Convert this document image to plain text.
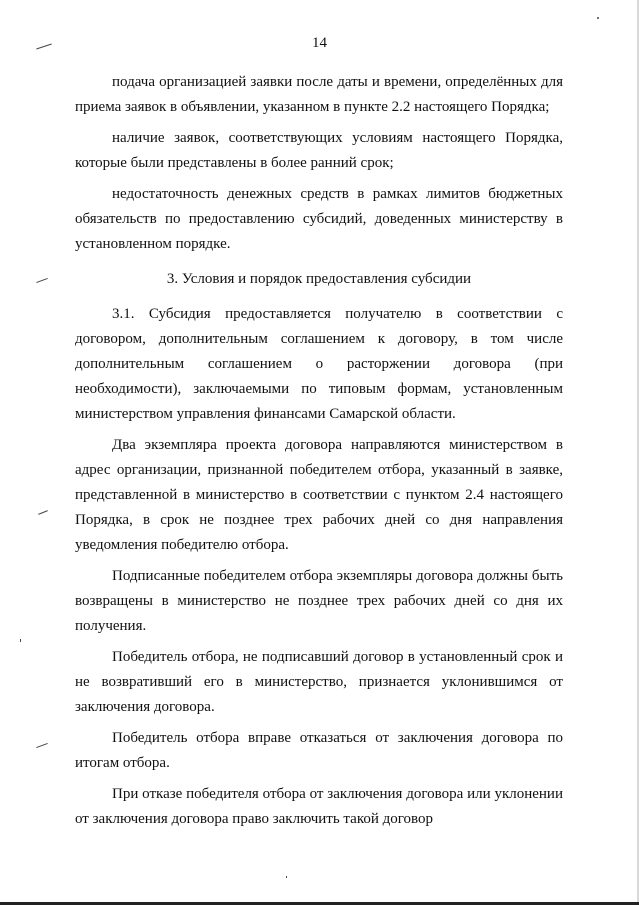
14

подача организацией заявки после даты и времени, определённых для приема заявок в объявлении, указанном в пункте 2.2 настоящего Порядка;

наличие заявок, соответствующих условиям настоящего Порядка, которые были представлены в более ранний срок;

недостаточность денежных средств в рамках лимитов бюджетных обязательств по предоставлению субсидий, доведенных министерству в установленном порядке.

3. Условия и порядок предоставления субсидии

3.1. Субсидия предоставляется получателю в соответствии с договором, дополнительным соглашением к договору, в том числе дополнительным соглашением о расторжении договора (при необходимости), заключаемыми по типовым формам, установленным министерством управления финансами Самарской области.

Два экземпляра проекта договора направляются министерством в адрес организации, признанной победителем отбора, указанный в заявке, представленной в министерство в соответствии с пунктом 2.4 настоящего Порядка, в срок не позднее трех рабочих дней со дня направления уведомления победителю отбора.

Подписанные победителем отбора экземпляры договора должны быть возвращены в министерство не позднее трех рабочих дней со дня их получения.

Победитель отбора, не подписавший договор в установленный срок и не возвративший его в министерство, признается уклонившимся от заключения договора.

Победитель отбора вправе отказаться от заключения договора по итогам отбора.

При отказе победителя отбора от заключения договора или уклонении от заключения договора право заключить такой договор
